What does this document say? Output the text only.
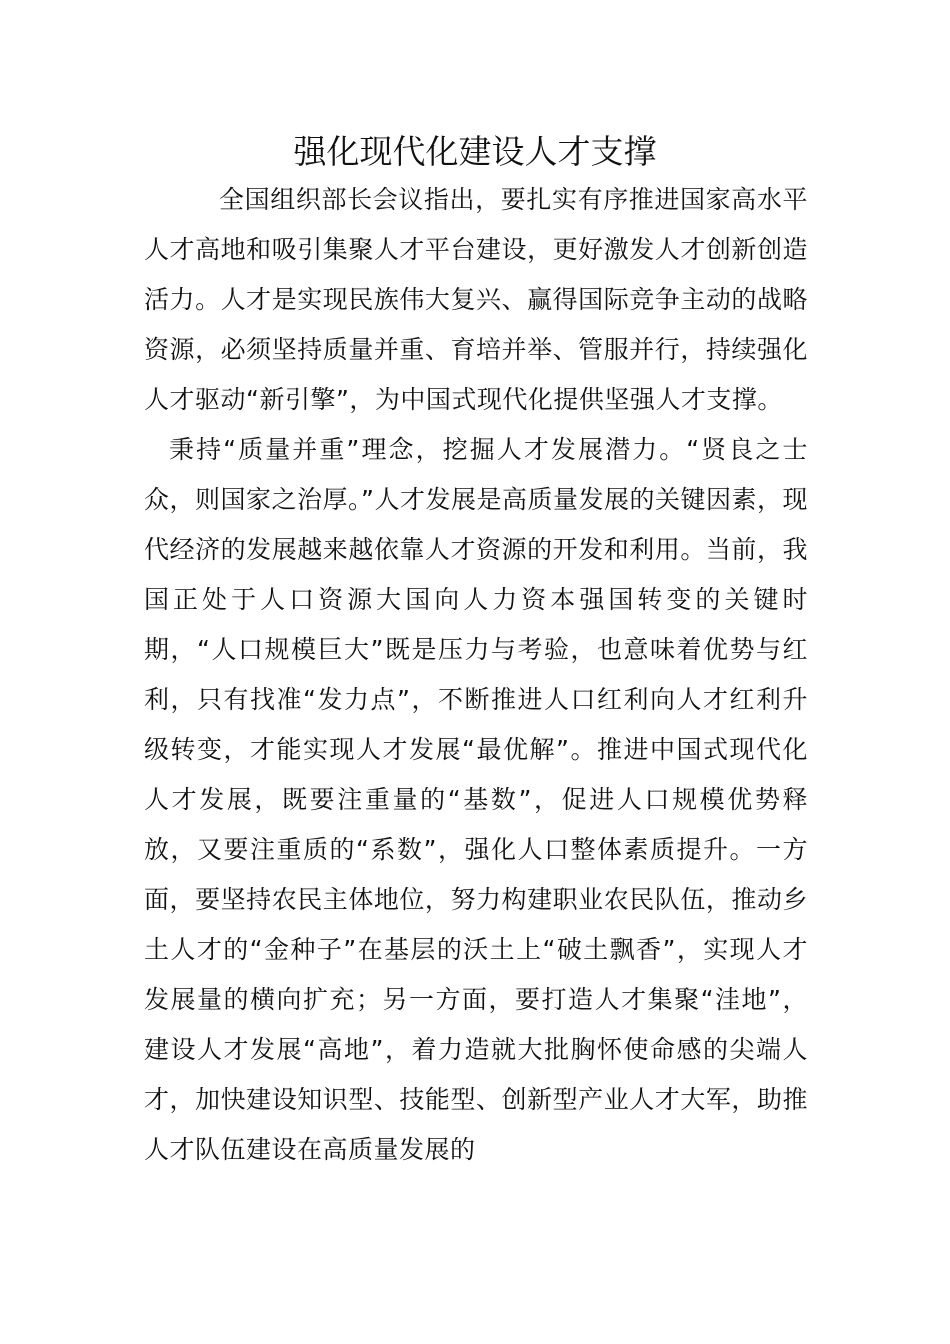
强化现代化建设人才支撑

全国组织部长会议指出，要扎实有序推进国家高水平人才高地和吸引集聚人才平台建设，更好激发人才创新创造活力。人才是实现民族伟大复兴、赢得国际竞争主动的战略资源，必须坚持质量并重、育培并举、管服并行，持续强化人才驱动“新引擎”，为中国式现代化提供坚强人才支撑。

秉持“质量并重”理念，挖掘人才发展潜力。“贤良之士众，则国家之治厚。”人才发展是高质量发展的关键因素，现代经济的发展越来越依靠人才资源的开发和利用。当前，我国正处于人口资源大国向人力资本强国转变的关键时期，“人口规模巨大”既是压力与考验，也意味着优势与红利，只有找准“发力点”，不断推进人口红利向人才红利升级转变，才能实现人才发展“最优解”。推进中国式现代化人才发展，既要注重量的“基数”，促进人口规模优势释放，又要注重质的“系数”，强化人口整体素质提升。一方面，要坚持农民主体地位，努力构建职业农民队伍，推动乡土人才的“金种子”在基层的沃土上“破土飘香”，实现人才发展量的横向扩充；另一方面，要打造人才集聚“洼地”，建设人才发展“高地”，着力造就大批胸怀使命感的尖端人才，加快建设知识型、技能型、创新型产业人才大军，助推人才队伍建设在高质量发展的
